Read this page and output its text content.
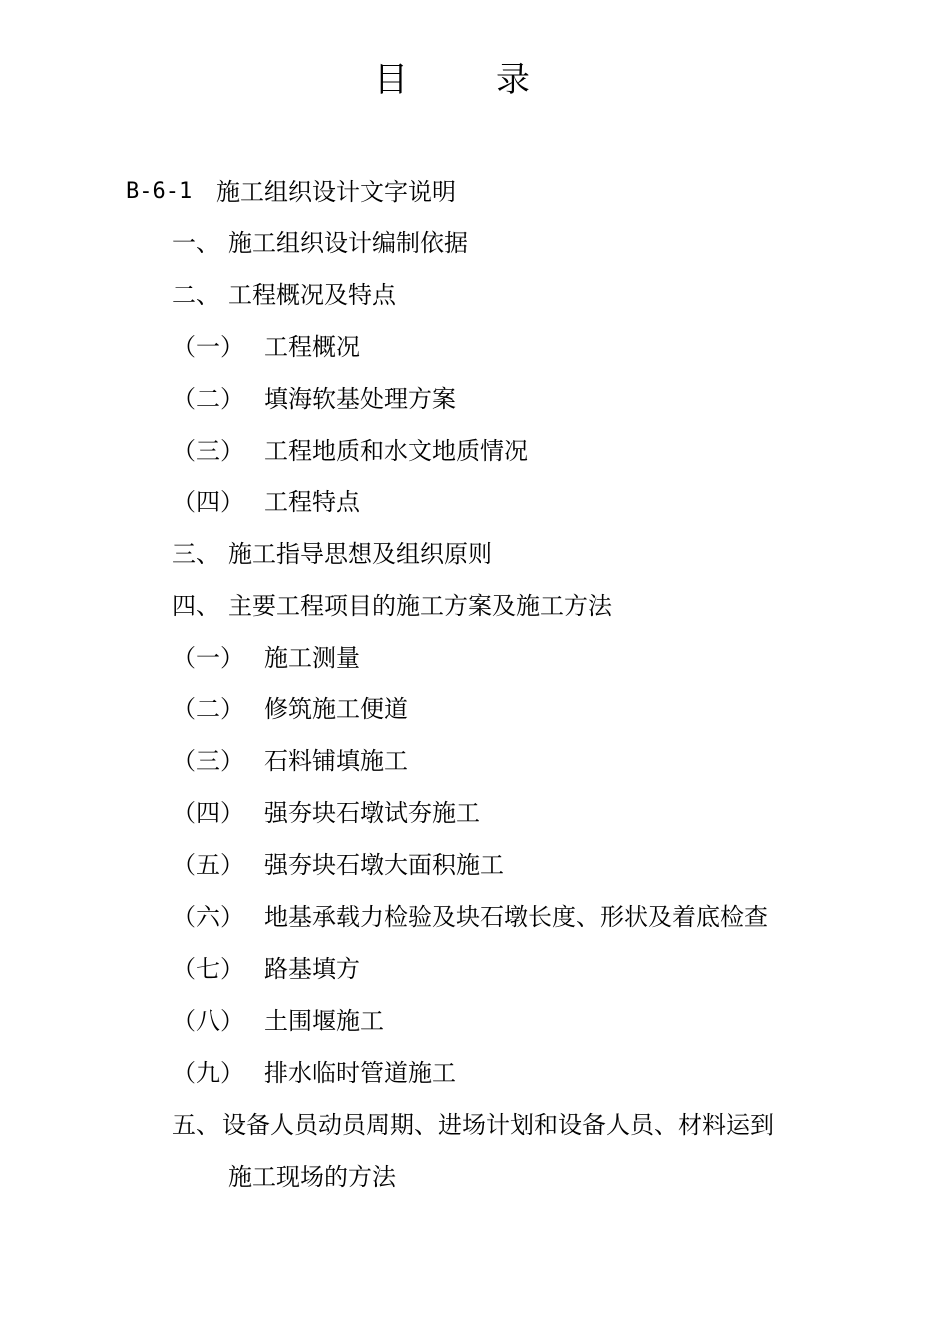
目	录
B-6-1 施工组织设计文字说明
一、 施工组织设计编制依据
二、 工程概况及特点
（一） 工程概况
（二） 填海软基处理方案
（三） 工程地质和水文地质情况
（四） 工程特点
三、 施工指导思想及组织原则
四、 主要工程项目的施工方案及施工方法
（一） 施工测量
（二） 修筑施工便道
（三） 石料铺填施工
（四） 强夯块石墩试夯施工
（五） 强夯块石墩大面积施工
（六） 地基承载力检验及块石墩长度、形状及着底检查
（七） 路基填方
（八） 土围堰施工
（九） 排水临时管道施工
五、 设备人员动员周期、进场计划和设备人员、材料运到
施工现场的方法
